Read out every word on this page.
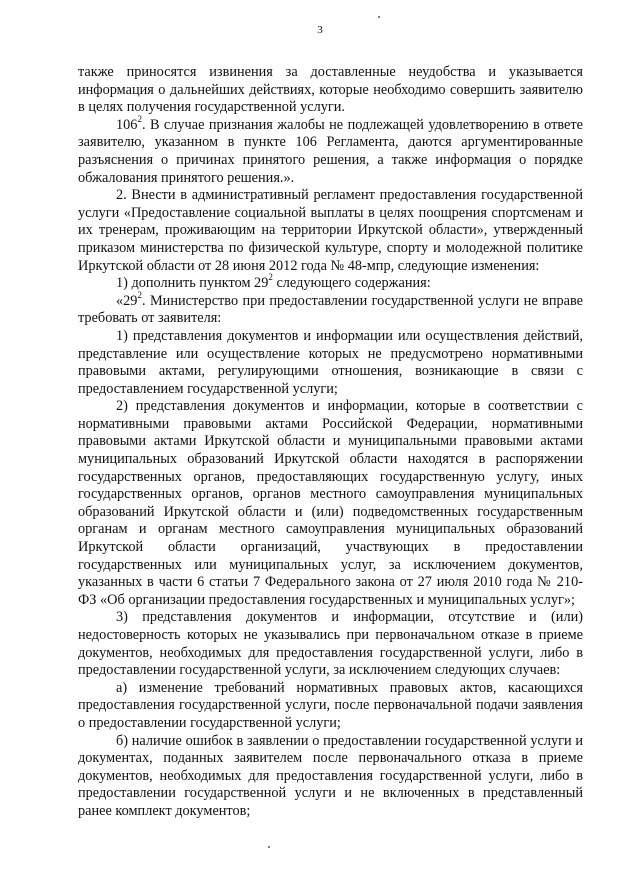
3

также приносятся извинения за доставленные неудобства и указывается информация о дальнейших действиях, которые необходимо совершить заявителю в целях получения государственной услуги.

$106^2$. В случае признания жалобы не подлежащей удовлетворению в ответе заявителю, указанном в пункте 106 Регламента, даются аргументированные разъяснения о причинах принятого решения, а также информация о порядке обжалования принятого решения.».

2. Внести в административный регламент предоставления государственной услуги «Предоставление социальной выплаты в целях поощрения спортсменам и их тренерам, проживающим на территории Иркутской области», утвержденный приказом министерства по физической культуре, спорту и молодежной политике Иркутской области от 28 июня 2012 года № 48-мпр, следующие изменения:

1) дополнить пунктом $29^2$ следующего содержания:

«$29^2$. Министерство при предоставлении государственной услуги не вправе требовать от заявителя:

1) представления документов и информации или осуществления действий, представление или осуществление которых не предусмотрено нормативными правовыми актами, регулирующими отношения, возникающие в связи с предоставлением государственной услуги;

2) представления документов и информации, которые в соответствии с нормативными правовыми актами Российской Федерации, нормативными правовыми актами Иркутской области и муниципальными правовыми актами муниципальных образований Иркутской области находятся в распоряжении государственных органов, предоставляющих государственную услугу, иных государственных органов, органов местного самоуправления муниципальных образований Иркутской области и (или) подведомственных государственным органам и органам местного самоуправления муниципальных образований Иркутской области организаций, участвующих в предоставлении государственных или муниципальных услуг, за исключением документов, указанных в части 6 статьи 7 Федерального закона от 27 июля 2010 года № 210-ФЗ «Об организации предоставления государственных и муниципальных услуг»;

3) представления документов и информации, отсутствие и (или) недостоверность которых не указывались при первоначальном отказе в приеме документов, необходимых для предоставления государственной услуги, либо в предоставлении государственной услуги, за исключением следующих случаев:

а) изменение требований нормативных правовых актов, касающихся предоставления государственной услуги, после первоначальной подачи заявления о предоставлении государственной услуги;

б) наличие ошибок в заявлении о предоставлении государственной услуги и документах, поданных заявителем после первоначального отказа в приеме документов, необходимых для предоставления государственной услуги, либо в предоставлении государственной услуги и не включенных в представленный ранее комплект документов;
